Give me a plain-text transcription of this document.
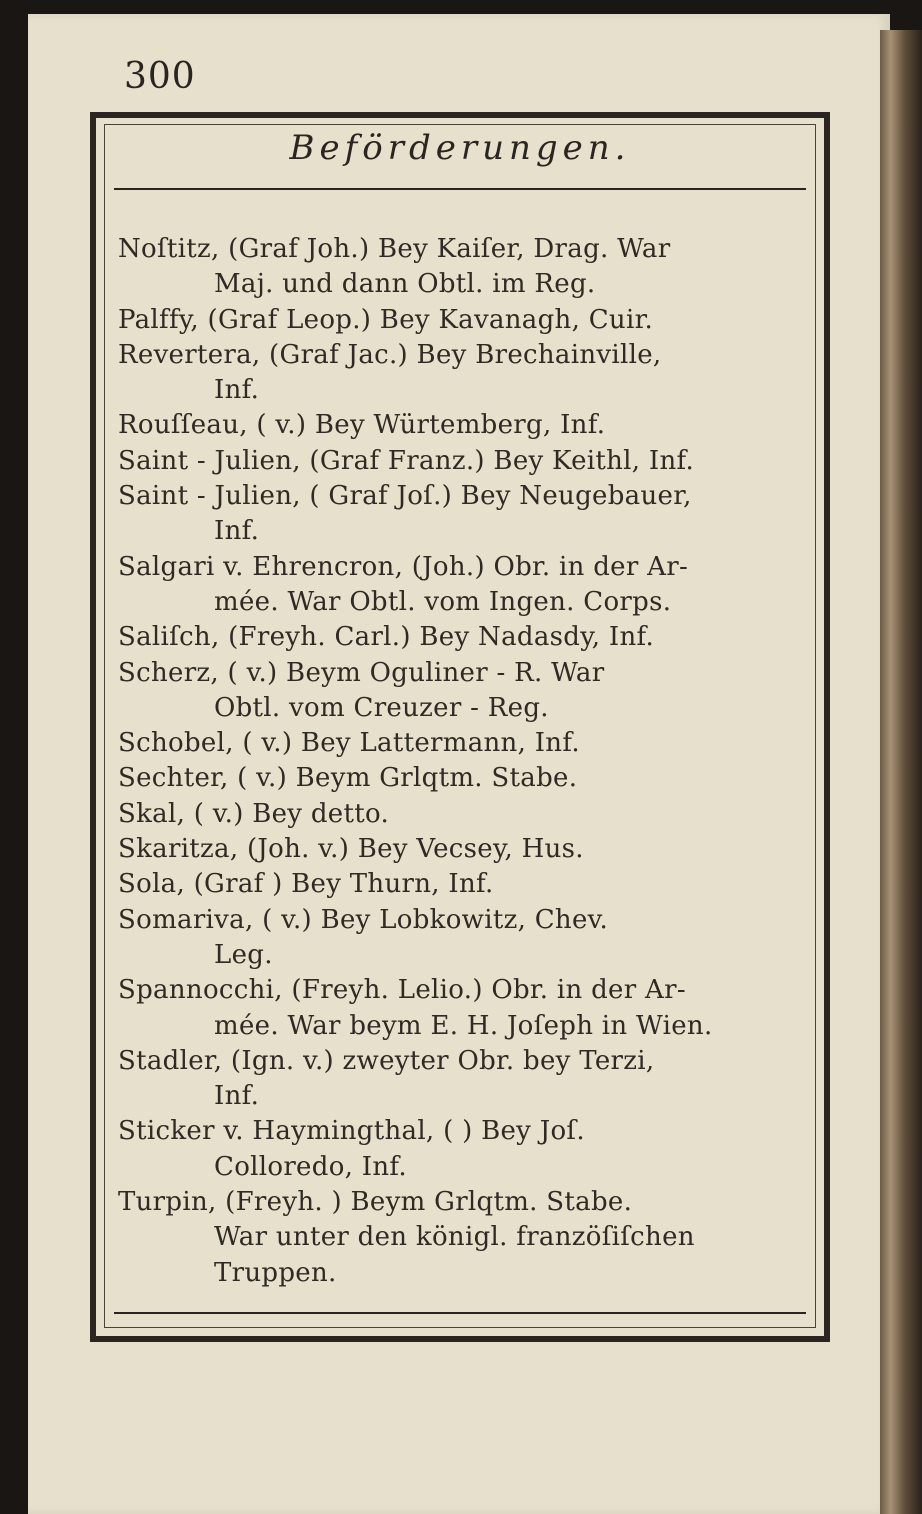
300
Beförderungen.

Noſtitz, (Graf Joh.) Bey Kaiſer, Drag. War
Maj. und dann Obtl. im Reg.

Palffy, (Graf Leop.) Bey Kavanagh, Cuir.

Revertera, (Graf Jac.) Bey Brechainville,
Inf.

Rouſſeau, ( v.) Bey Würtemberg, Inf.

Saint - Julien, (Graf Franz.) Bey Keithl, Inf.

Saint - Julien, ( Graf Joſ.) Bey Neugebauer,
Inf.

Salgari v. Ehrencron, (Joh.) Obr. in der Ar-
mée. War Obtl. vom Ingen. Corps.

Saliſch, (Freyh. Carl.) Bey Nadasdy, Inf.

Scherz, ( v.) Beym Oguliner - R. War
Obtl. vom Creuzer - Reg.

Schobel, ( v.) Bey Lattermann, Inf.

Sechter, ( v.) Beym Grlqtm. Stabe.

Skal, ( v.) Bey detto.

Skaritza, (Joh. v.) Bey Vecsey, Hus.

Sola, (Graf ) Bey Thurn, Inf.

Somariva, ( v.) Bey Lobkowitz, Chev.
Leg.

Spannocchi, (Freyh. Lelio.) Obr. in der Ar-
mée. War beym E. H. Joſeph in Wien.

Stadler, (Ign. v.) zweyter Obr. bey Terzi,
Inf.

Sticker v. Haymingthal, ( ) Bey Joſ.
Colloredo, Inf.

Turpin, (Freyh. ) Beym Grlqtm. Stabe.
War unter den königl. franzöſiſchen
Truppen.
